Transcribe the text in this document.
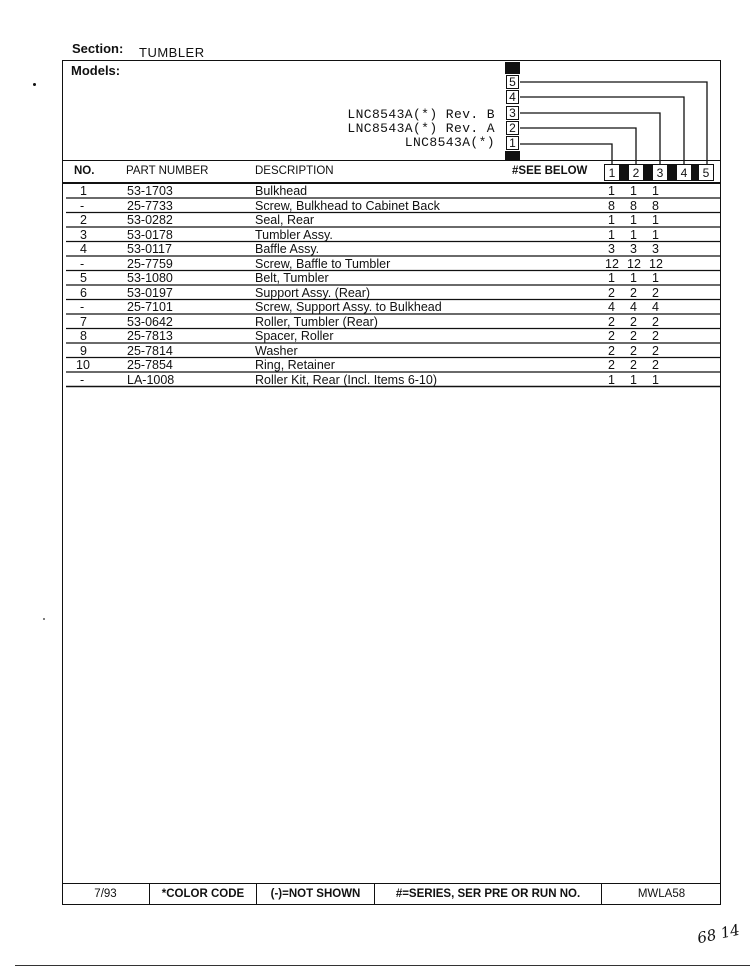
Section: TUMBLER
Models:
LNC8543A(*) Rev. B
LNC8543A(*) Rev. A
LNC8543A(*)
5
4
3
2
1
NO.	PART NUMBER	DESCRIPTION	#SEE BELOW	1	2	3	4	5
1	53-1703	Bulkhead	1 1 1
-	25-7733	Screw, Bulkhead to Cabinet Back	8 8 8
2	53-0282	Seal, Rear	1 1 1
3	53-0178	Tumbler Assy.	1 1 1
4	53-0117	Baffle Assy.	3 3 3
-	25-7759	Screw, Baffle to Tumbler	12 12 12
5	53-1080	Belt, Tumbler	1 1 1
6	53-0197	Support Assy. (Rear)	2 2 2
-	25-7101	Screw, Support Assy. to Bulkhead	4 4 4
7	53-0642	Roller, Tumbler (Rear)	2 2 2
8	25-7813	Spacer, Roller	2 2 2
9	25-7814	Washer	2 2 2
10	25-7854	Ring, Retainer	2 2 2
-	LA-1008	Roller Kit, Rear (Incl. Items 6-10)	1 1 1
7/93	*COLOR CODE	(-)=NOT SHOWN	#=SERIES, SER PRE OR RUN NO.	MWLA58
68 14
